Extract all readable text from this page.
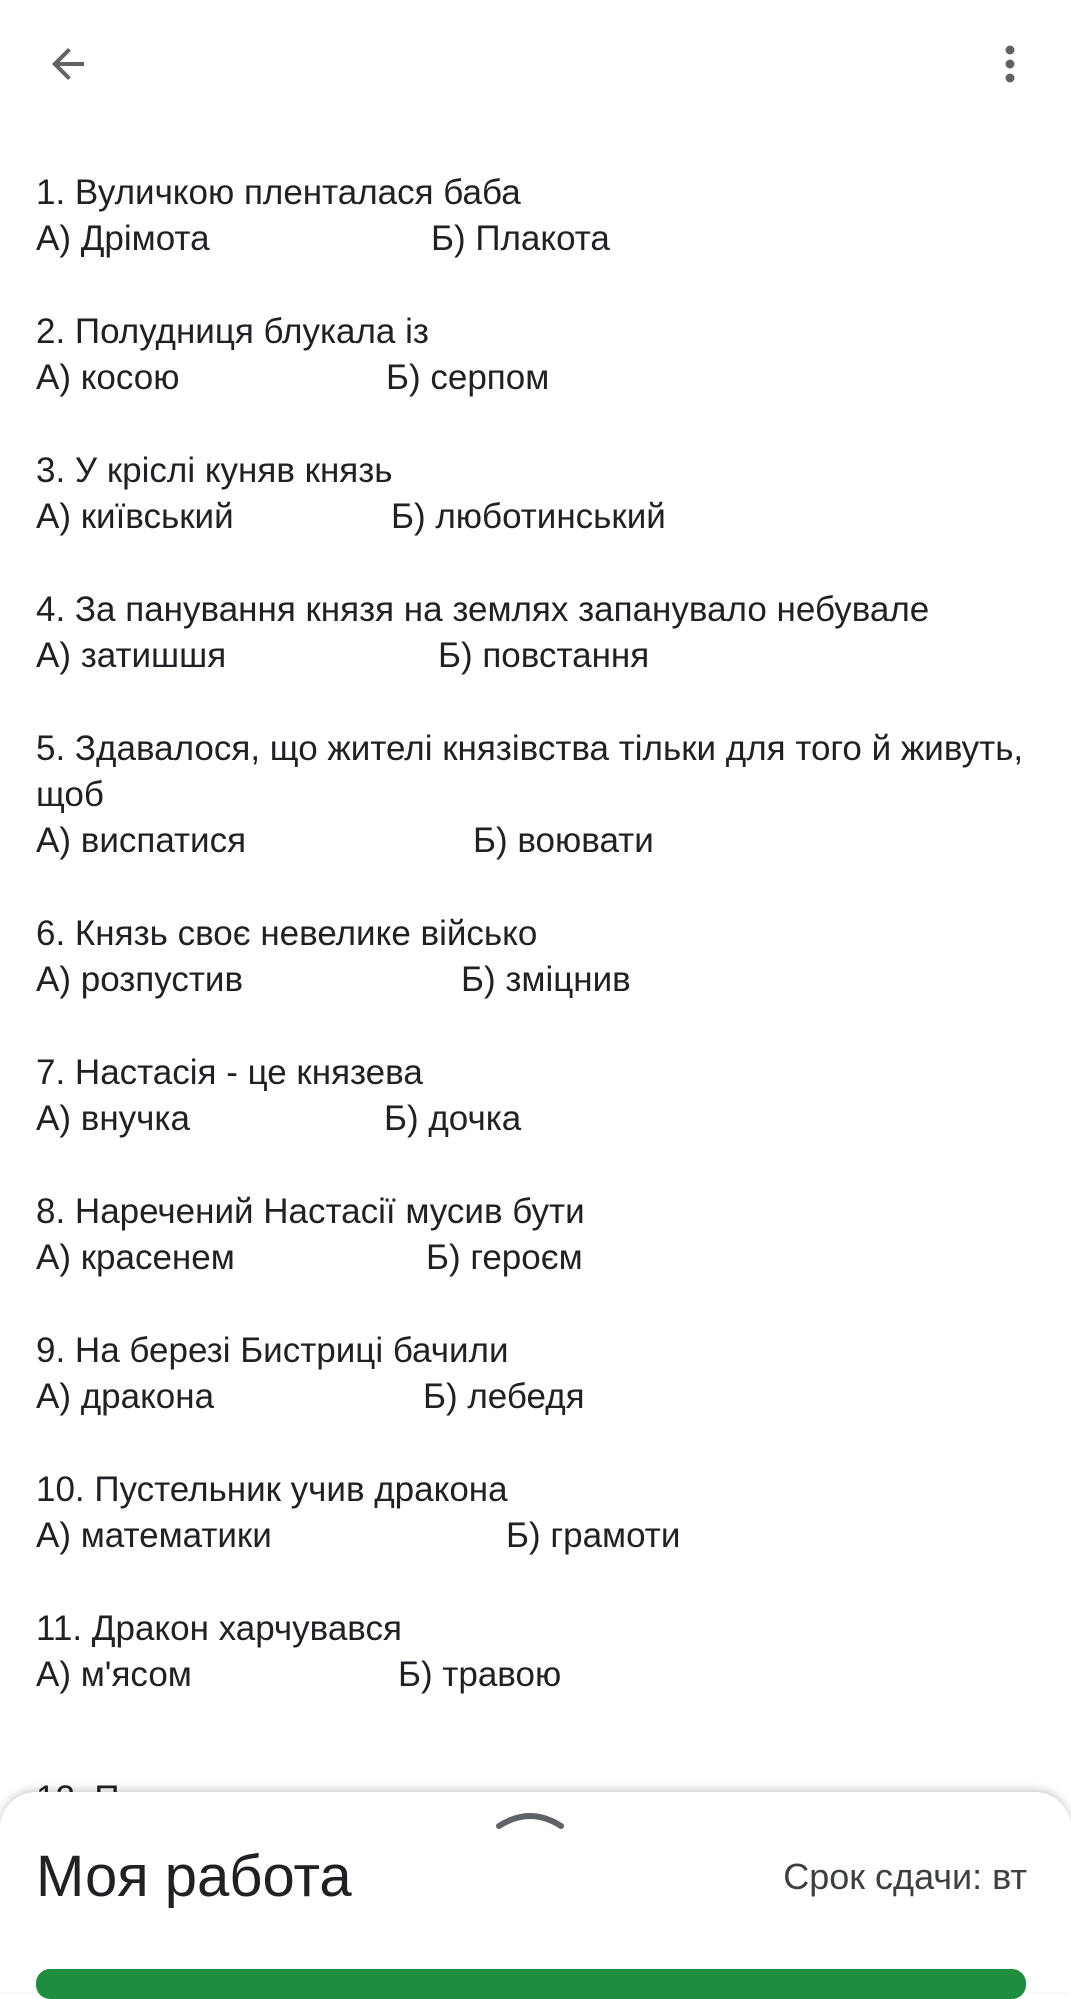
1. Вуличкою пленталася баба
А) Дрімота	Б) Плакота
2. Полудниця блукала із
А) косою	Б) серпом
3. У кріслі куняв князь
А) київський	Б) люботинський
4. За панування князя на землях запанувало небувале
А) затишшя	Б) повстання
5. Здавалося, що жителі князівства тільки для того й живуть, щоб
А) виспатися	Б) воювати
6. Князь своє невелике військо
А) розпустив	Б) зміцнив
7. Настасія - це князева
А) внучка	Б) дочка
8. Наречений Настасії мусив бути
А) красенем	Б) героєм
9. На березі Бистриці бачили
А) дракона	Б) лебедя
10. Пустельник учив дракона
А) математики	Б) грамоти
11. Дракон харчувався
А) м'ясом	Б) травою
Моя работа	Срок сдачи: вт
